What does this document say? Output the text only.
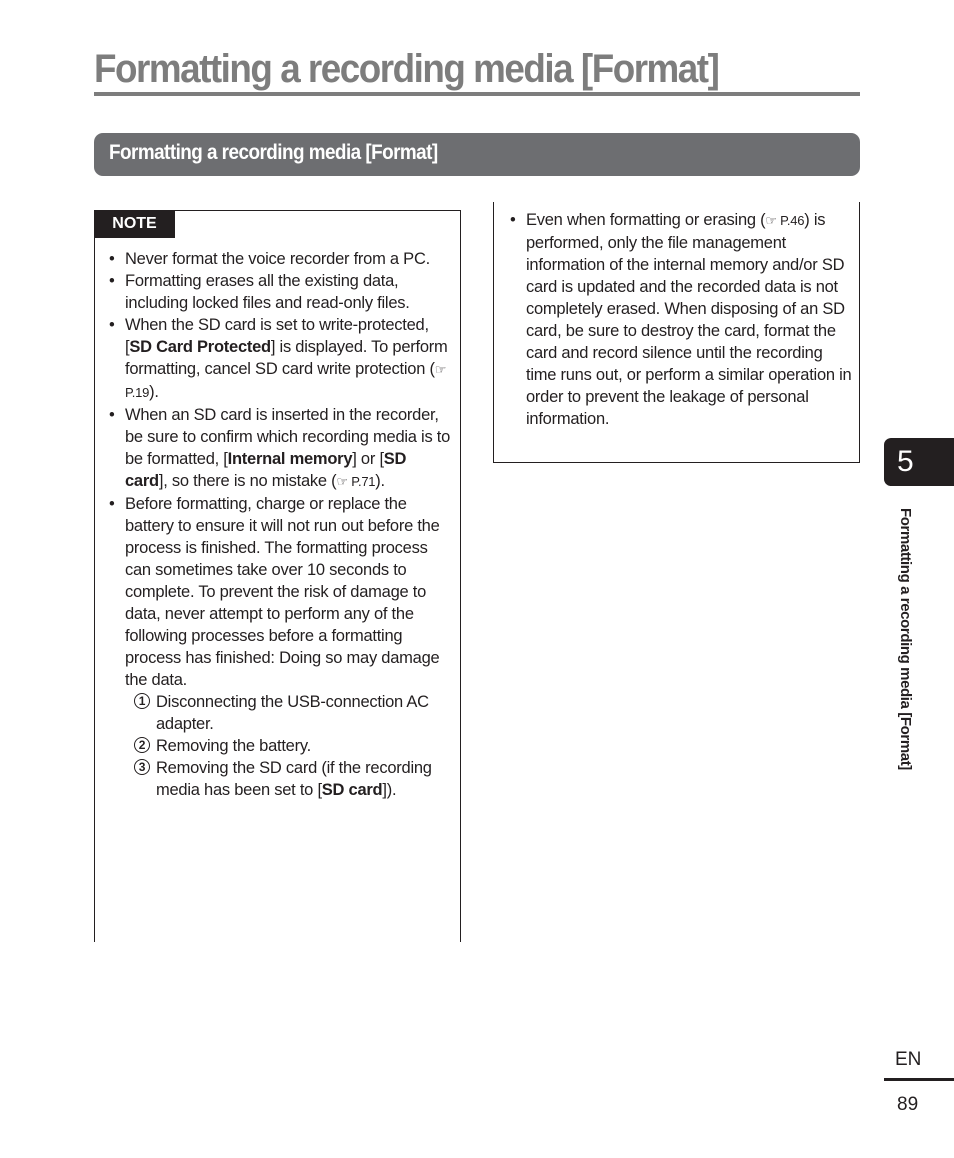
Formatting a recording media [Format]
Formatting a recording media [Format]
NOTE
• Never format the voice recorder from a PC.
• Formatting erases all the existing data, including locked files and read-only files.
• When the SD card is set to write-protected, [SD Card Protected] is displayed. To perform formatting, cancel SD card write protection (☞ P.19).
• When an SD card is inserted in the recorder, be sure to confirm which recording media is to be formatted, [Internal memory] or [SD card], so there is no mistake (☞ P.71).
• Before formatting, charge or replace the battery to ensure it will not run out before the process is finished. The formatting process can sometimes take over 10 seconds to complete. To prevent the risk of damage to data, never attempt to perform any of the following processes before a formatting process has finished: Doing so may damage the data.
1 Disconnecting the USB-connection AC adapter.
2 Removing the battery.
3 Removing the SD card (if the recording media has been set to [SD card]).
• Even when formatting or erasing (☞ P.46) is performed, only the file management information of the internal memory and/or SD card is updated and the recorded data is not completely erased. When disposing of an SD card, be sure to destroy the card, format the card and record silence until the recording time runs out, or perform a similar operation in order to prevent the leakage of personal information.
5
Formatting a recording media [Format]
EN
89
